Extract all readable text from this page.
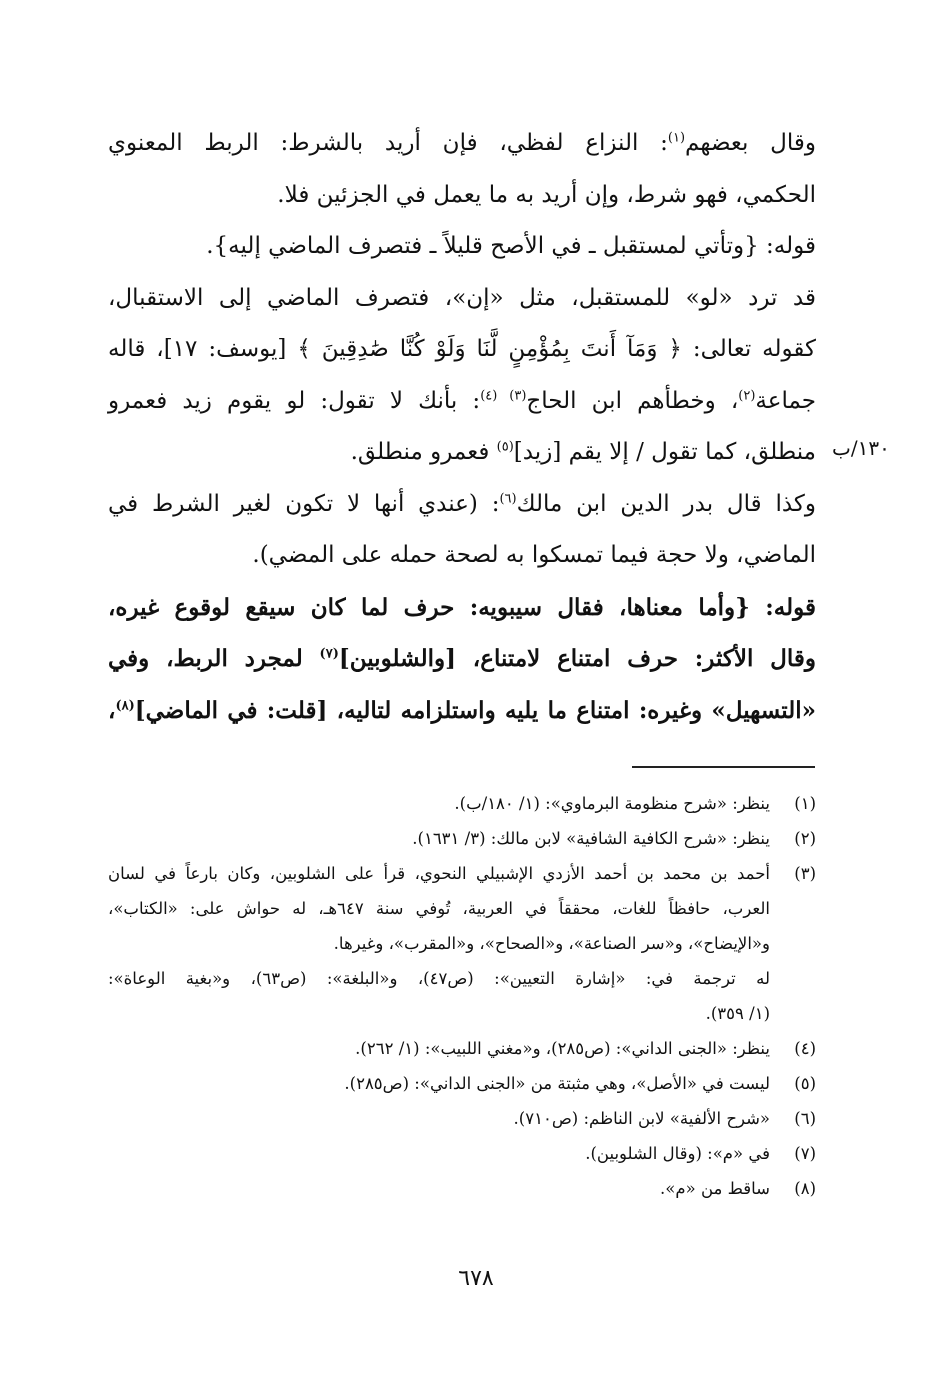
وقال بعضهم$^{(١)}$: النزاع لفظي، فإن أريد بالشرط: الربط المعنوي
الحكمي، فهو شرط، وإن أريد به ما يعمل في الجزئين فلا.
قوله: {وتأتي لمستقبل ـ في الأصح قليلاً ـ فتصرف الماضي إليه}.
قد ترد «لو» للمستقبل، مثل «إن»، فتصرف الماضي إلى الاستقبال،
كقوله تعالى: ﴿ وَمَآ أَنتَ بِمُؤْمِنٍ لَّنَا وَلَوْ كُنَّا صَٰدِقِينَ ﴾ [يوسف: ١٧]، قاله
جماعة$^{(٢)}$، وخطأهم ابن الحاج$^{(٣) (٤)}$: بأنك لا تقول: لو يقوم زيد فعمرو
منطلق، كما تقول / إلا يقم [زيد]$^{(٥)}$ فعمرو منطلق.
وكذا قال بدر الدين ابن مالك$^{(٦)}$: (عندي أنها لا تكون لغير الشرط في
الماضي، ولا حجة فيما تمسكوا به لصحة حمله على المضي).
قوله: {وأما معناها، فقال سيبويه: حرف لما كان سيقع لوقوع غيره،
وقال الأكثر: حرف امتناع لامتناع، [والشلوبين]$^{(٧)}$ لمجرد الربط، وفي
«التسهيل» وغيره: امتناع ما يليه واستلزامه لتاليه، [قلت: في الماضي]$^{(٨)}$،
١٣٠/ب
(١)
ينظر: «شرح منظومة البرماوي»: (١/ ١٨٠/ب).
(٢)
ينظر: «شرح الكافية الشافية» لابن مالك: (٣/ ١٦٣١).
(٣)
أحمد بن محمد بن أحمد الأزدي الإشبيلي النحوي، قرأ على الشلوبين، وكان بارعاً في لسان
العرب، حافظاً للغات، محققاً في العربية، تُوفي سنة ٦٤٧هـ، له حواش على: «الكتاب»،
و«الإيضاح»، و«سر الصناعة»، و«الصحاح»، و«المقرب»، وغيرها.
له ترجمة في: «إشارة التعيين»: (ص٤٧)، و«البلغة»: (ص٦٣)، و«بغية الوعاة»:
(١/ ٣٥٩).
(٤)
ينظر: «الجنى الداني»: (ص٢٨٥)، و«مغني اللبيب»: (١/ ٢٦٢).
(٥)
ليست في «الأصل»، وهي مثبتة من «الجنى الداني»: (ص٢٨٥).
(٦)
«شرح الألفية» لابن الناظم: (ص٧١٠).
(٧)
في «م»: (وقال الشلوبين).
(٨)
ساقط من «م».
٦٧٨
